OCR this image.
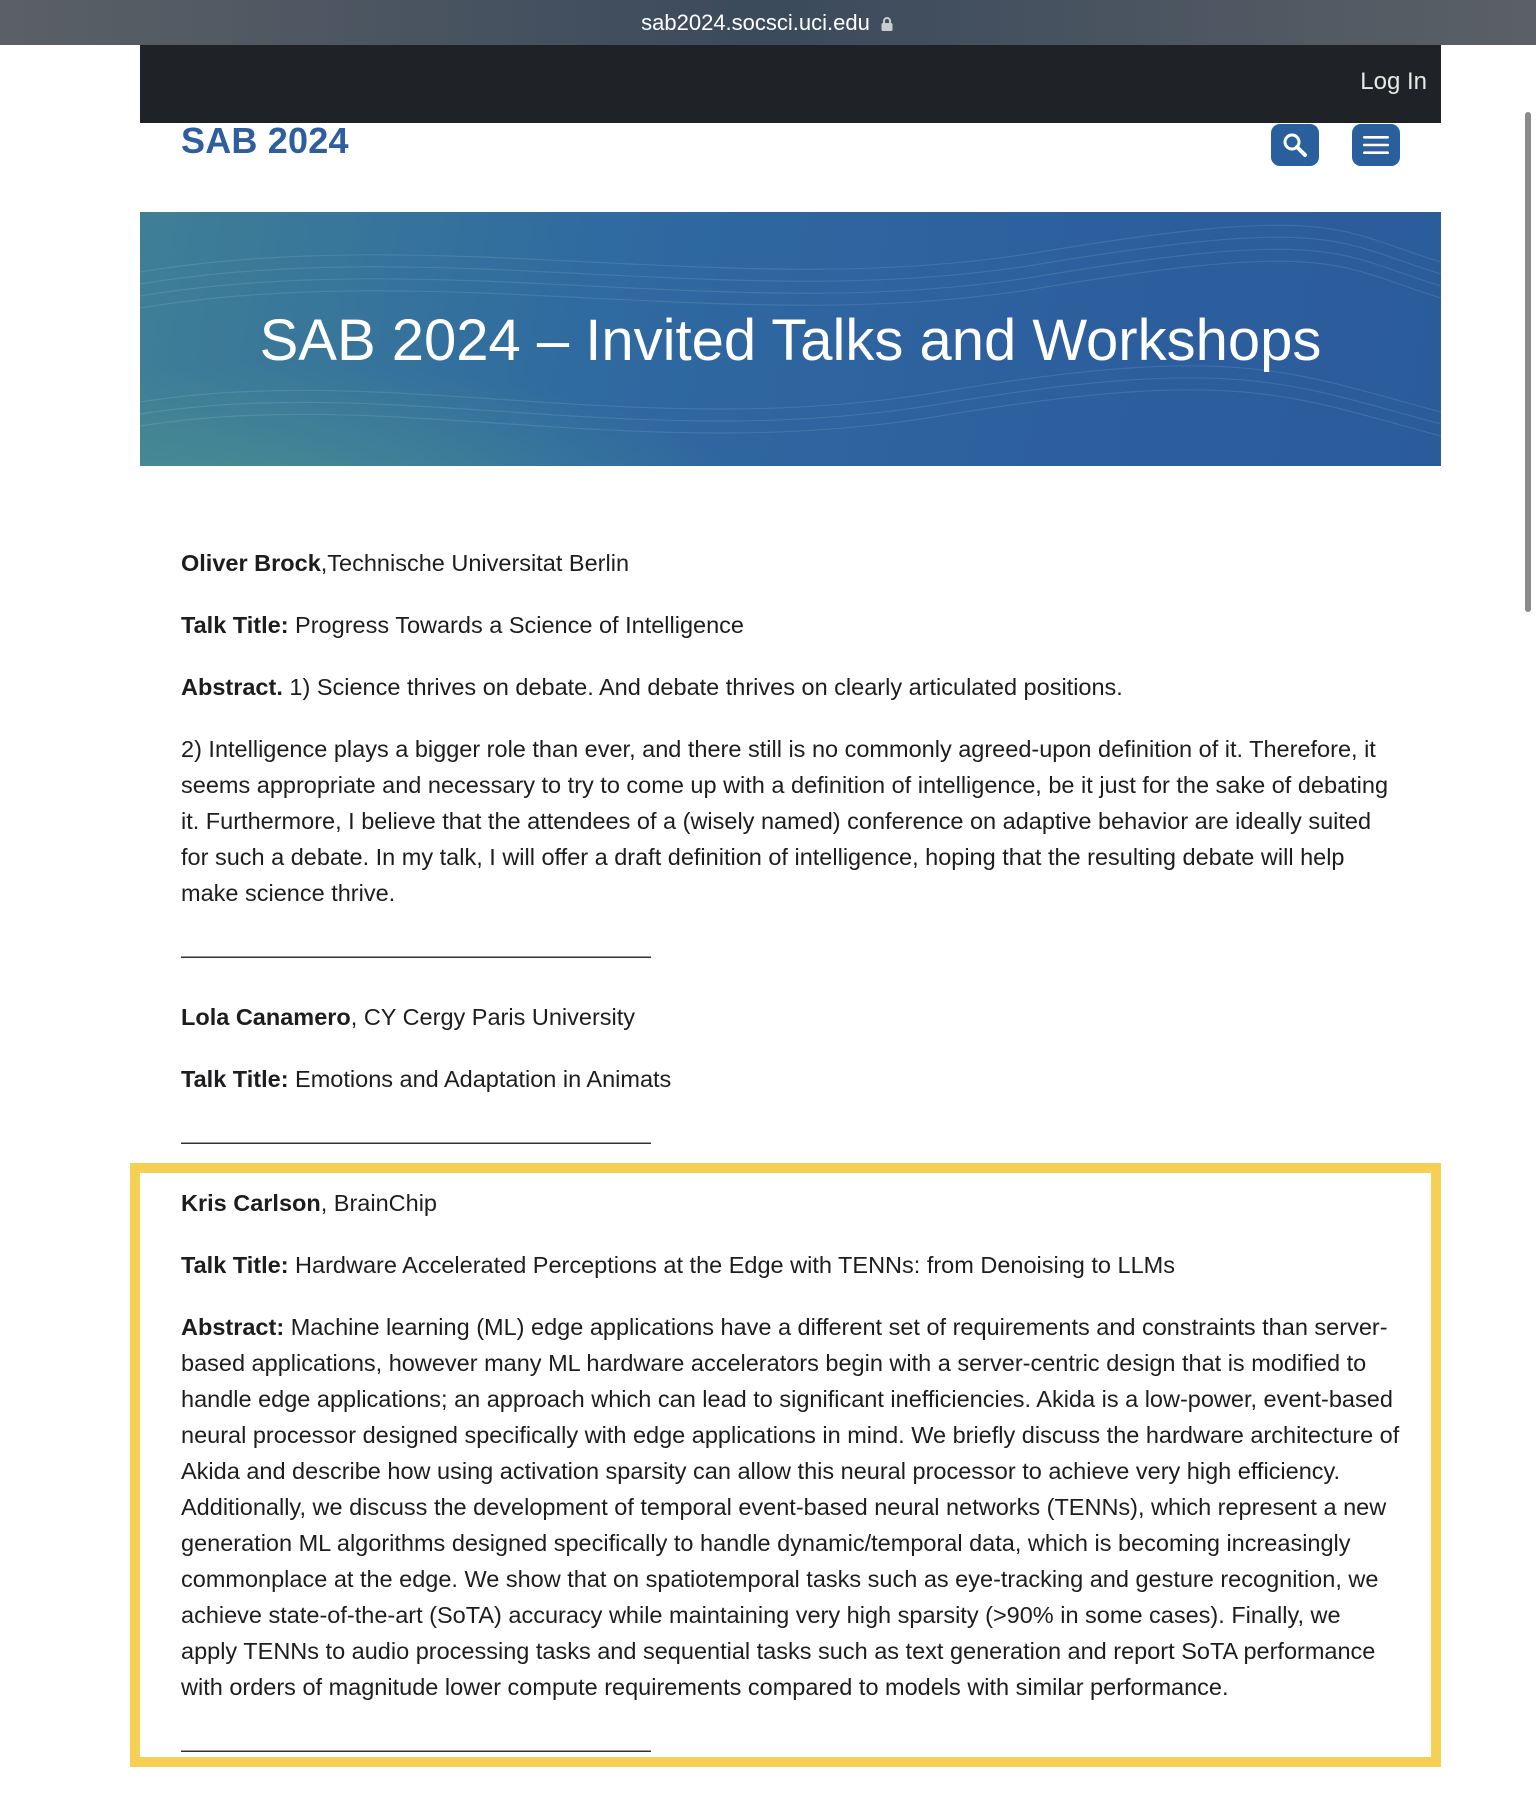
sab2024.socsci.uci.edu
Log In
SAB 2024
SAB 2024 – Invited Talks and Workshops

Oliver Brock,Technische Universitat Berlin

Talk Title: Progress Towards a Science of Intelligence

Abstract. 1) Science thrives on debate. And debate thrives on clearly articulated positions.

2) Intelligence plays a bigger role than ever, and there still is no commonly agreed-upon definition of it. Therefore, it seems appropriate and necessary to try to come up with a definition of intelligence, be it just for the sake of debating it. Furthermore, I believe that the attendees of a (wisely named) conference on adaptive behavior are ideally suited for such a debate. In my talk, I will offer a draft definition of intelligence, hoping that the resulting debate will help make science thrive.

————————————————————

Lola Canamero, CY Cergy Paris University

Talk Title: Emotions and Adaptation in Animats

————————————————————

Kris Carlson, BrainChip

Talk Title: Hardware Accelerated Perceptions at the Edge with TENNs: from Denoising to LLMs

Abstract: Machine learning (ML) edge applications have a different set of requirements and constraints than server-based applications, however many ML hardware accelerators begin with a server-centric design that is modified to handle edge applications; an approach which can lead to significant inefficiencies. Akida is a low-power, event-based neural processor designed specifically with edge applications in mind. We briefly discuss the hardware architecture of Akida and describe how using activation sparsity can allow this neural processor to achieve very high efficiency. Additionally, we discuss the development of temporal event-based neural networks (TENNs), which represent a new generation ML algorithms designed specifically to handle dynamic/temporal data, which is becoming increasingly commonplace at the edge. We show that on spatiotemporal tasks such as eye-tracking and gesture recognition, we achieve state-of-the-art (SoTA) accuracy while maintaining very high sparsity (>90% in some cases). Finally, we apply TENNs to audio processing tasks and sequential tasks such as text generation and report SoTA performance with orders of magnitude lower compute requirements compared to models with similar performance.

————————————————————
